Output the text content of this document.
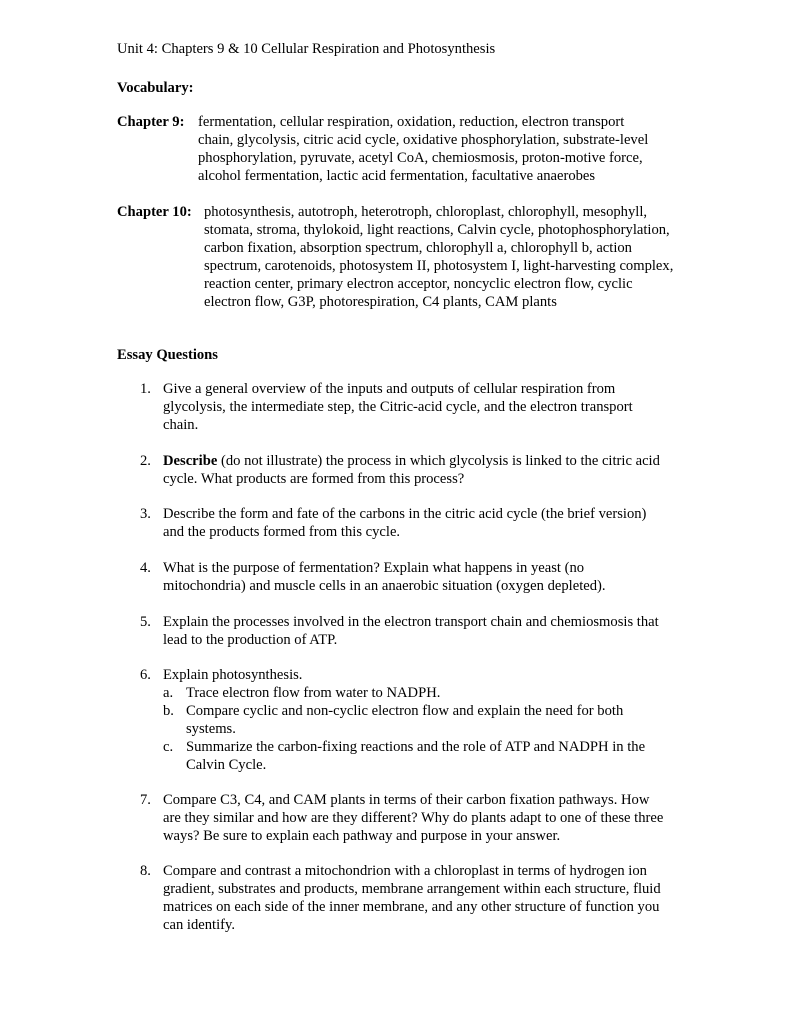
Unit 4: Chapters 9 & 10 Cellular Respiration and Photosynthesis
Vocabulary:
Chapter 9: fermentation, cellular respiration, oxidation, reduction, electron transport chain, glycolysis, citric acid cycle, oxidative phosphorylation, substrate-level phosphorylation, pyruvate, acetyl CoA, chemiosmosis, proton-motive force, alcohol fermentation, lactic acid fermentation, facultative anaerobes
Chapter 10: photosynthesis, autotroph, heterotroph, chloroplast, chlorophyll, mesophyll, stomata, stroma, thylokoid, light reactions, Calvin cycle, photophosphorylation, carbon fixation, absorption spectrum, chlorophyll a, chlorophyll b, action spectrum, carotenoids, photosystem II, photosystem I, light-harvesting complex, reaction center, primary electron acceptor, noncyclic electron flow, cyclic electron flow, G3P, photorespiration, C4 plants, CAM plants
Essay Questions
1. Give a general overview of the inputs and outputs of cellular respiration from glycolysis, the intermediate step, the Citric-acid cycle, and the electron transport chain.
2. Describe (do not illustrate) the process in which glycolysis is linked to the citric acid cycle. What products are formed from this process?
3. Describe the form and fate of the carbons in the citric acid cycle (the brief version) and the products formed from this cycle.
4. What is the purpose of fermentation? Explain what happens in yeast (no mitochondria) and muscle cells in an anaerobic situation (oxygen depleted).
5. Explain the processes involved in the electron transport chain and chemiosmosis that lead to the production of ATP.
6. Explain photosynthesis.
a. Trace electron flow from water to NADPH.
b. Compare cyclic and non-cyclic electron flow and explain the need for both systems.
c. Summarize the carbon-fixing reactions and the role of ATP and NADPH in the Calvin Cycle.
7. Compare C3, C4, and CAM plants in terms of their carbon fixation pathways. How are they similar and how are they different? Why do plants adapt to one of these three ways? Be sure to explain each pathway and purpose in your answer.
8. Compare and contrast a mitochondrion with a chloroplast in terms of hydrogen ion gradient, substrates and products, membrane arrangement within each structure, fluid matrices on each side of the inner membrane, and any other structure of function you can identify.
